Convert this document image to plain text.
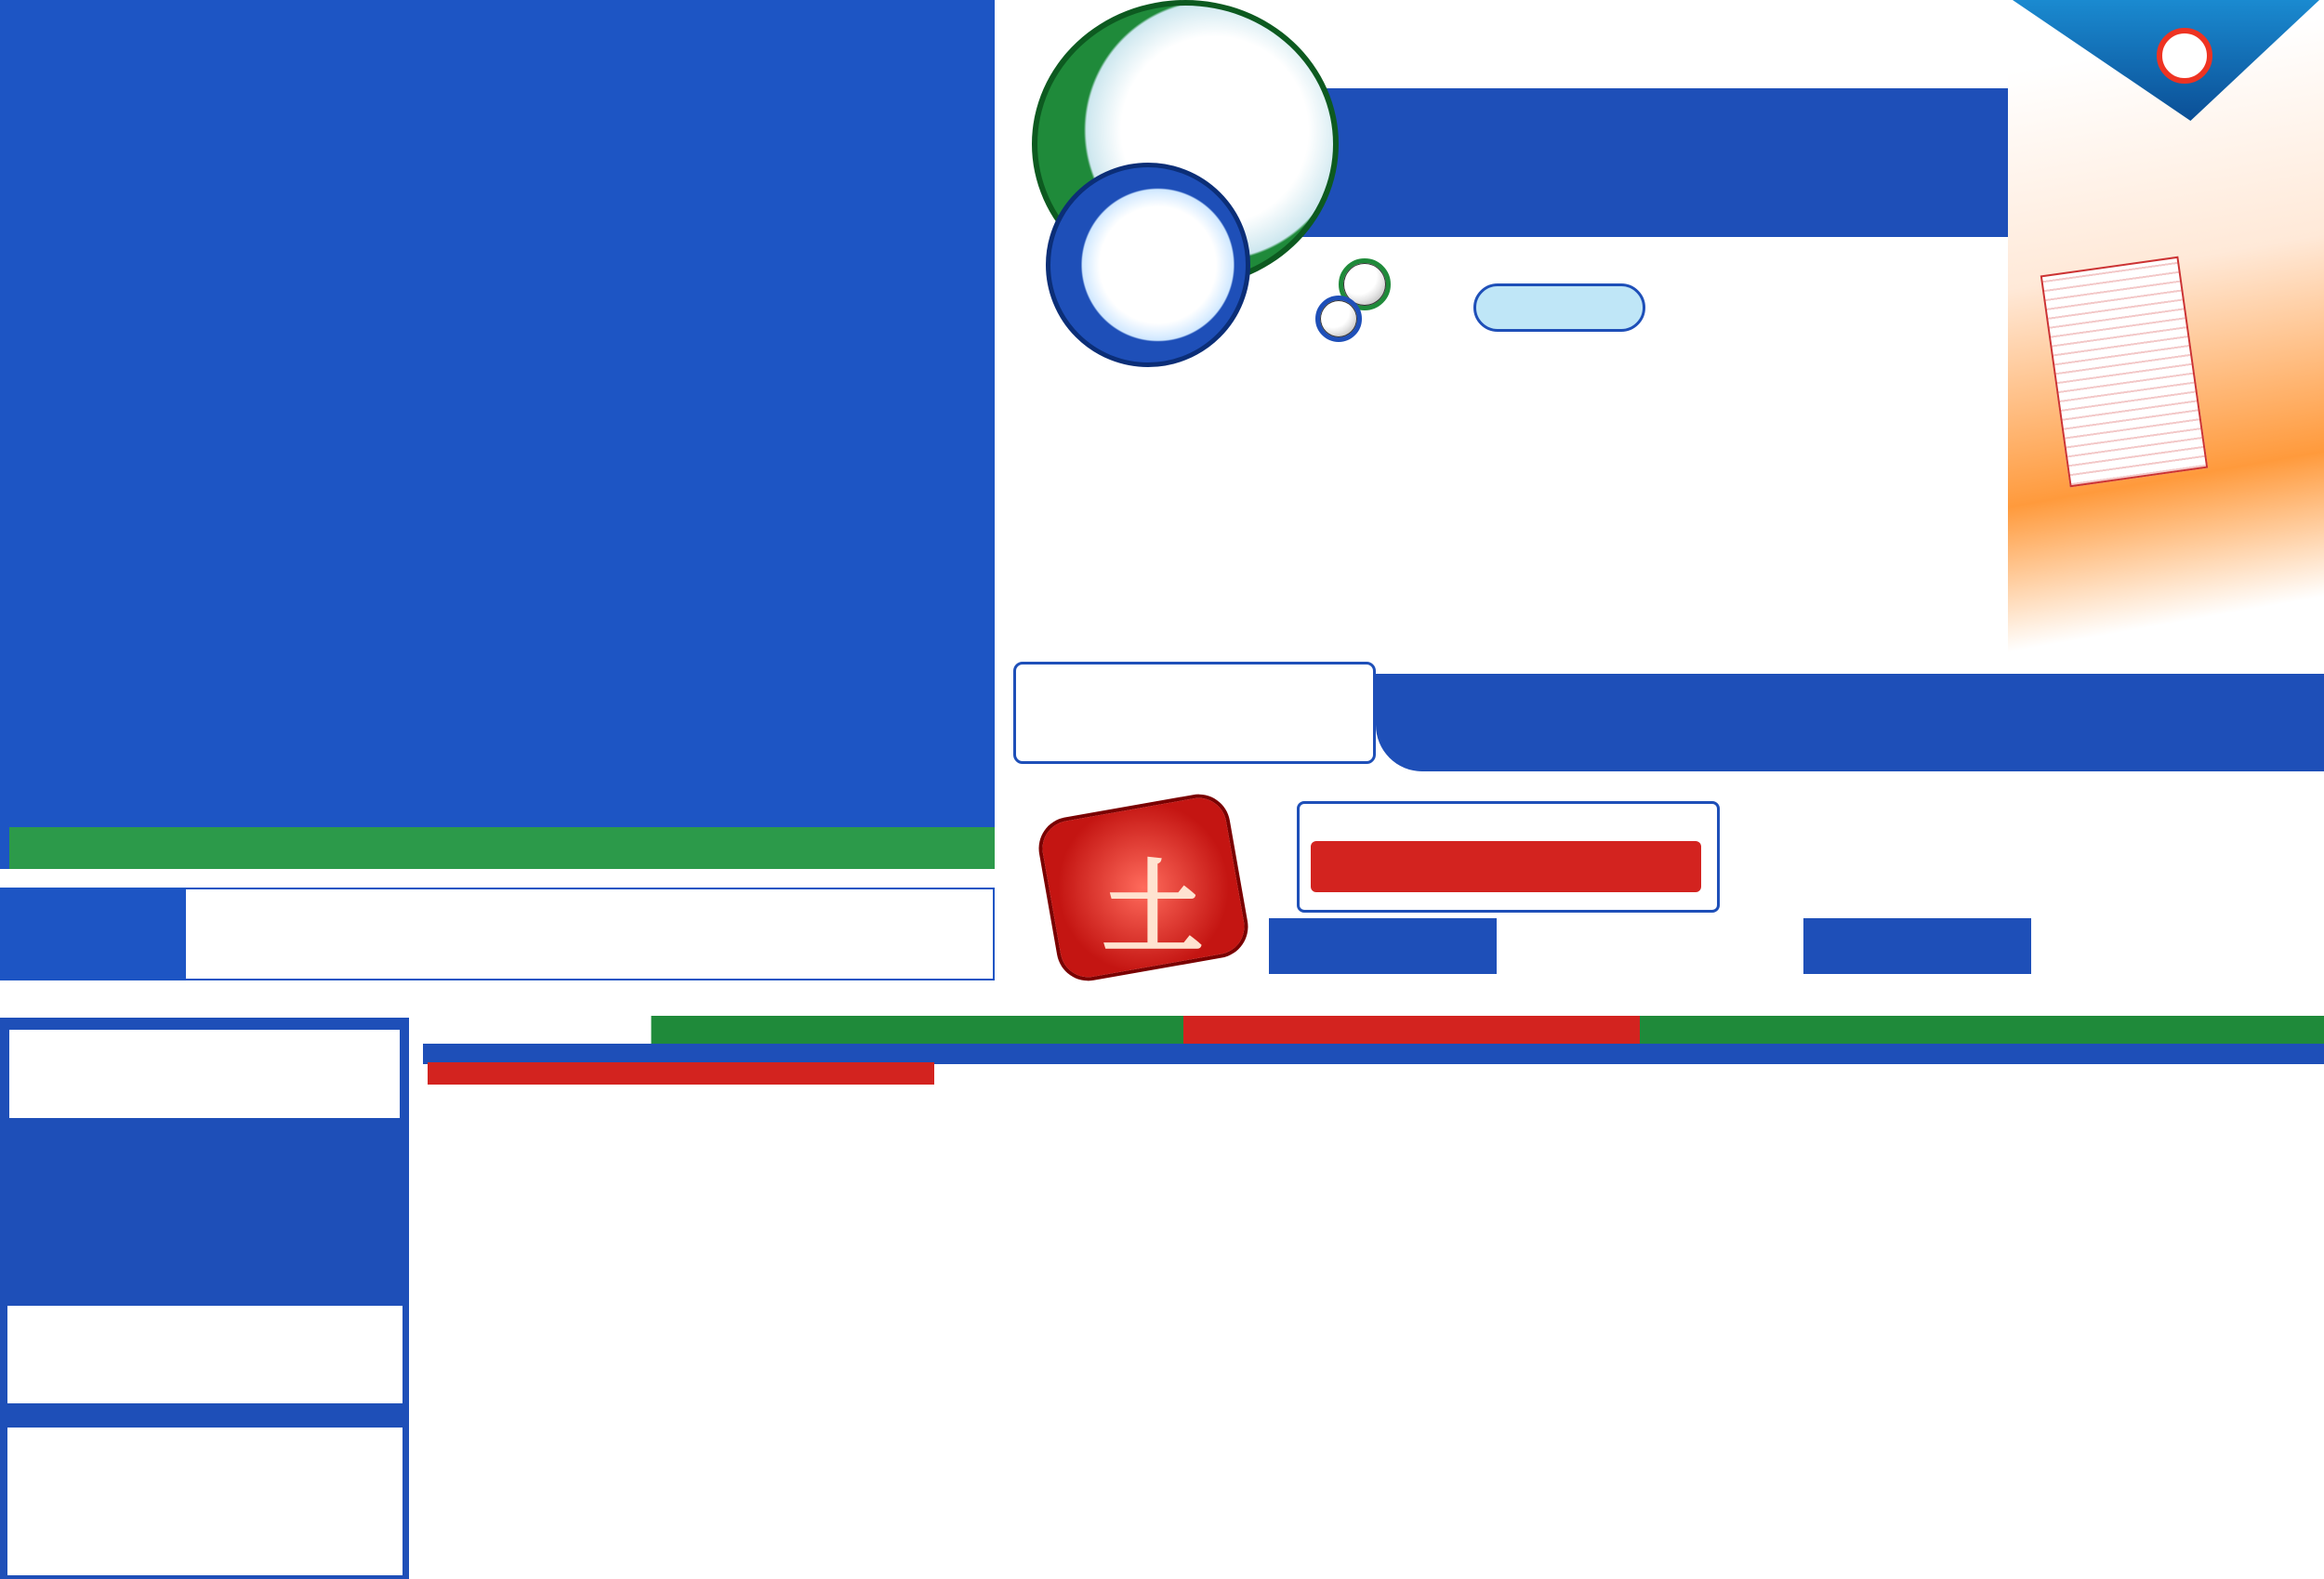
土
